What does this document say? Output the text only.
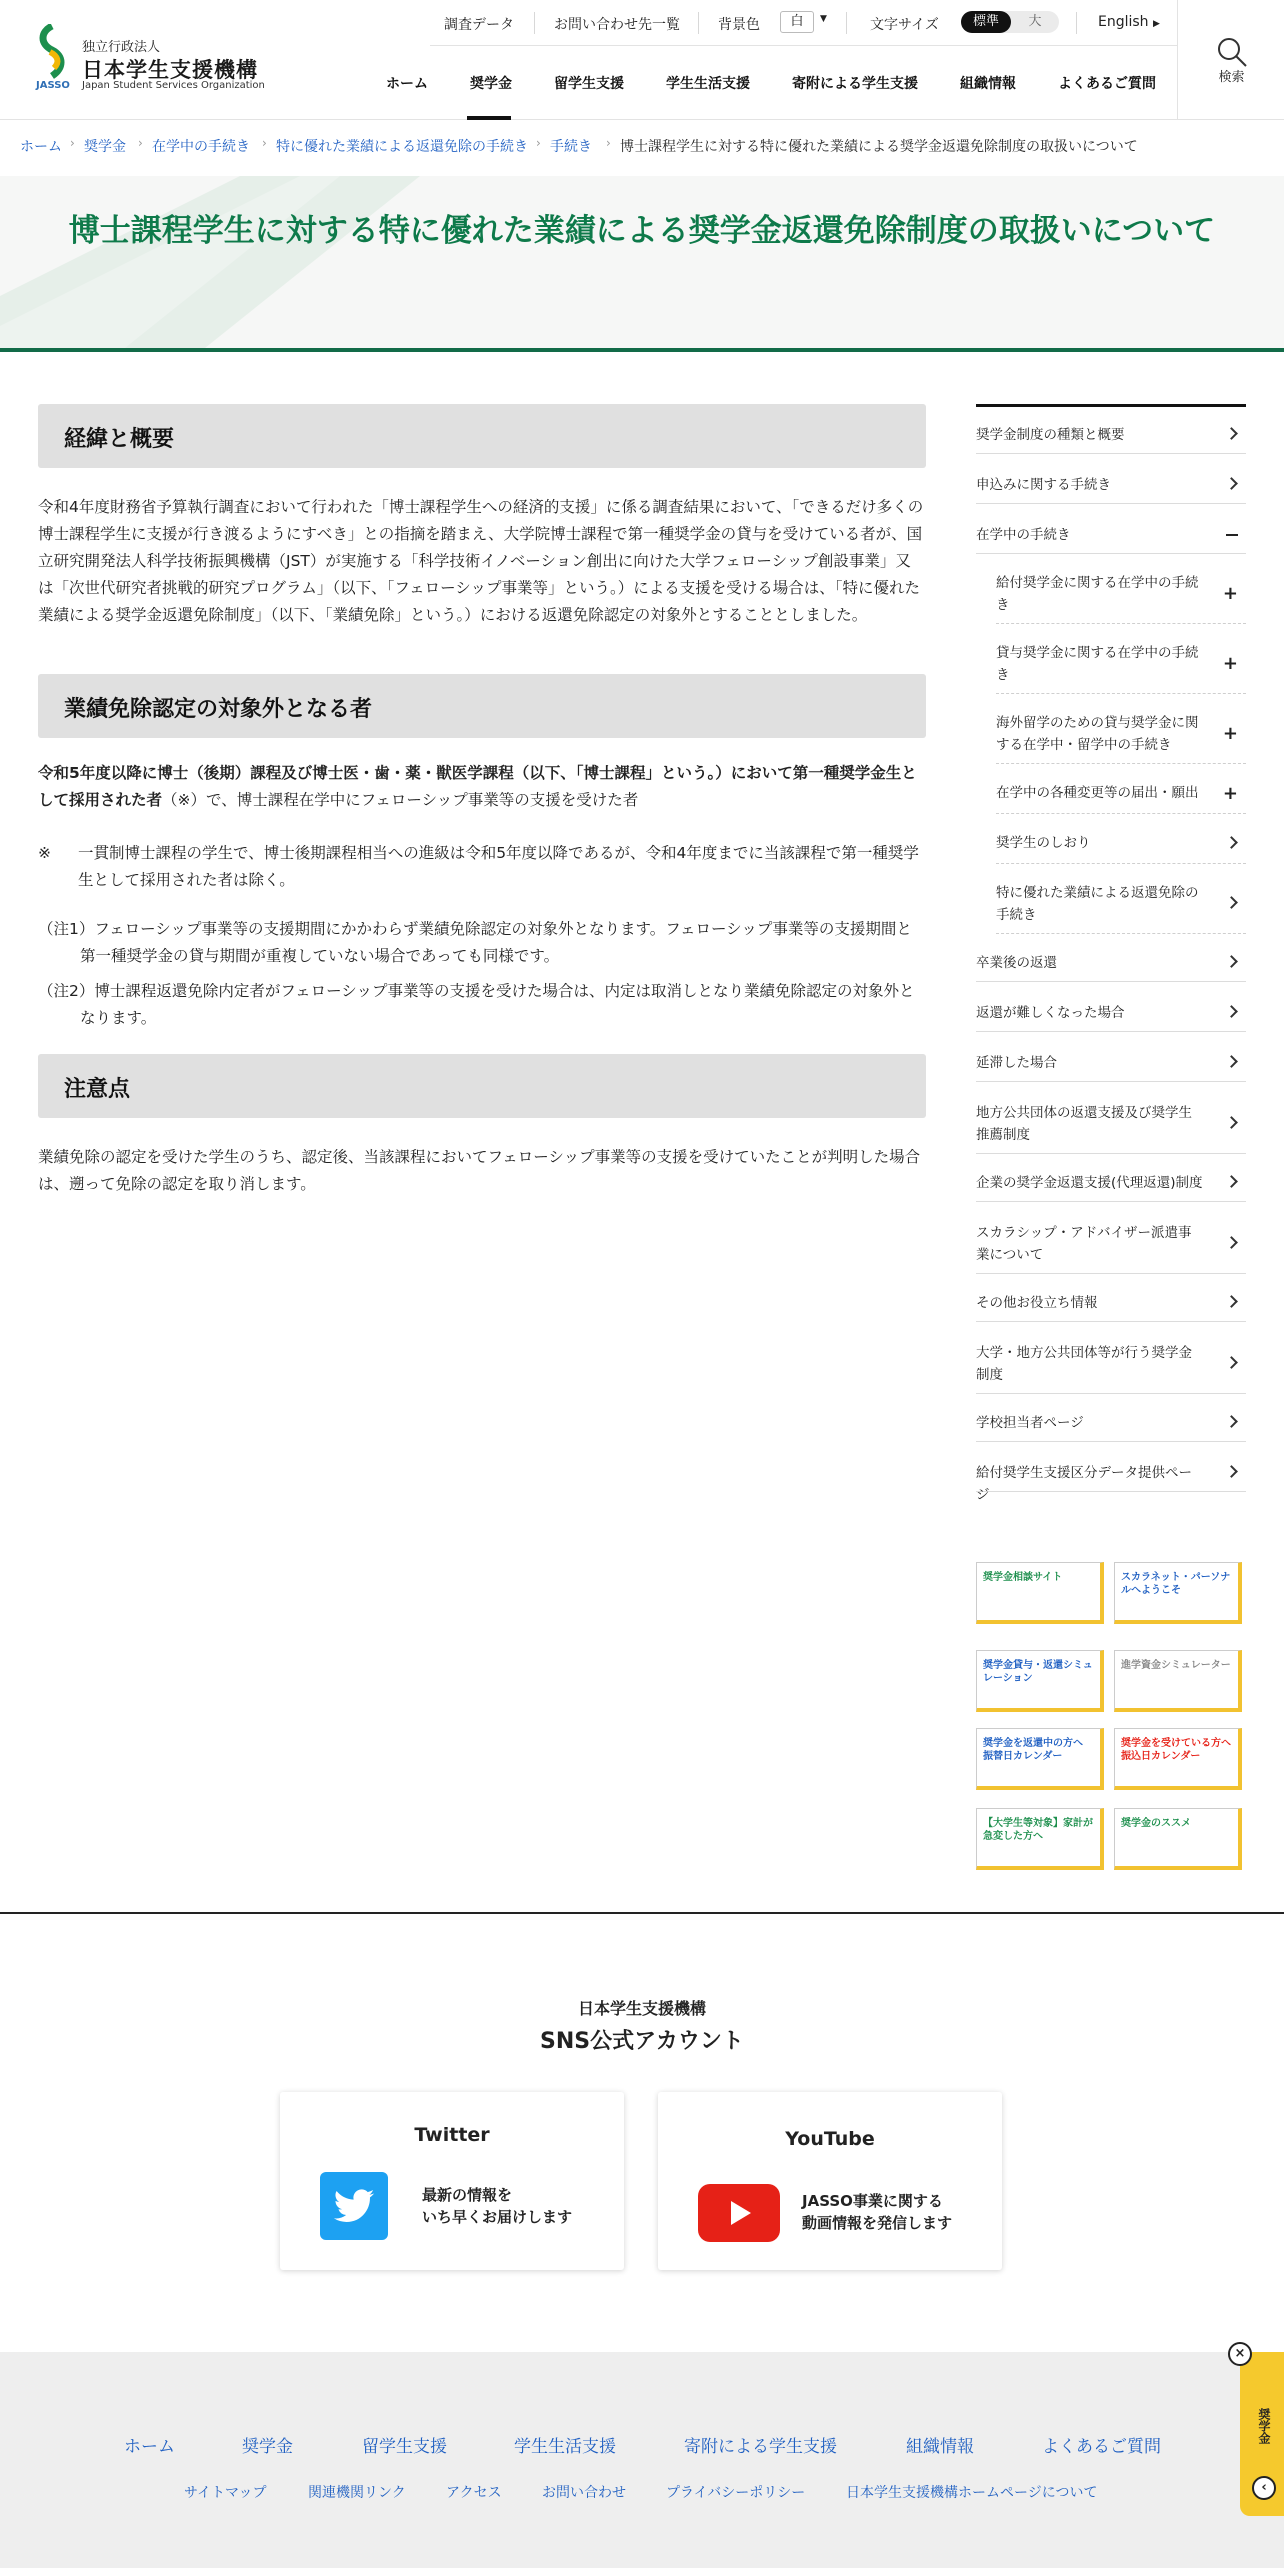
独立行政法人
日本学生支援機構
JASSO Japan Student Services Organization
調査データ	お問い合わせ先一覧	背景色	白	▼	文字サイズ	標準	大	English ▶
ホーム	奨学金	留学生支援	学生生活支援	寄附による学生支援	組織情報	よくあるご質問	検索
ホーム › 奨学金 › 在学中の手続き › 特に優れた業績による返還免除の手続き › 手続き › 博士課程学生に対する特に優れた業績による奨学金返還免除制度の取扱いについて
博士課程学生に対する特に優れた業績による奨学金返還免除制度の取扱いについて
経緯と概要

令和4年度財務省予算執行調査において行われた「博士課程学生への経済的支援」に係る調査結果において、「できるだけ多くの博士課程学生に支援が行き渡るようにすべき」との指摘を踏まえ、大学院博士課程で第一種奨学金の貸与を受けている者が、国立研究開発法人科学技術振興機構（JST）が実施する「科学技術イノベーション創出に向けた大学フェローシップ創設事業」又は「次世代研究者挑戦的研究プログラム」（以下、「フェローシップ事業等」という。）による支援を受ける場合は、「特に優れた業績による奨学金返還免除制度」（以下、「業績免除」という。）における返還免除認定の対象外とすることとしました。

業績免除認定の対象外となる者

令和5年度以降に博士（後期）課程及び博士医・歯・薬・獣医学課程（以下、「博士課程」という。）において第一種奨学金生として採用された者（※）で、博士課程在学中にフェローシップ事業等の支援を受けた者

※ 一貫制博士課程の学生で、博士後期課程相当への進級は令和5年度以降であるが、令和4年度までに当該課程で第一種奨学生として採用された者は除く。

（注1）フェローシップ事業等の支援期間にかかわらず業績免除認定の対象外となります。フェローシップ事業等の支援期間と第一種奨学金の貸与期間が重複していない場合であっても同様です。

（注2）博士課程返還免除内定者がフェローシップ事業等の支援を受けた場合は、内定は取消しとなり業績免除認定の対象外となります。

注意点

業績免除の認定を受けた学生のうち、認定後、当該課程においてフェローシップ事業等の支援を受けていたことが判明した場合は、遡って免除の認定を取り消します。

奨学金制度の種類と概要
申込みに関する手続き
在学中の手続き
給付奨学金に関する在学中の手続き
+
貸与奨学金に関する在学中の手続き
+
海外留学のための貸与奨学金に関する在学中・留学中の手続き
+
在学中の各種変更等の届出・願出	+
奨学生のしおり
特に優れた業績による返還免除の手続き
卒業後の返還
返還が難しくなった場合
延滞した場合
地方公共団体の返還支援及び奨学生推薦制度
企業の奨学金返還支援(代理返還)制度
スカラシップ・アドバイザー派遣事業について
その他お役立ち情報
大学・地方公共団体等が行う奨学金制度
学校担当者ページ
給付奨学生支援区分データ提供ページ
奨学金相談サイト	スカラネット・パーソナルへようこそ
奨学金貸与・返還シミュレーション
進学資金シミュレーター
奨学金を返還中の方へ 振替日カレンダー
奨学金を受けている方へ 振込日カレンダー
【大学生等対象】家計が急変した方へ
奨学金のススメ
日本学生支援機構
SNS公式アカウント
Twitter
最新の情報を
いち早くお届けします
YouTube
JASSO事業に関する
動画情報を発信します
ホーム	奨学金	留学生支援	学生生活支援	寄附による学生支援	組織情報	よくあるご質問
サイトマップ	関連機関リンク	アクセス	お問い合わせ	プライバシーポリシー	日本学生支援機構ホームページについて
奨学金
‹
×
